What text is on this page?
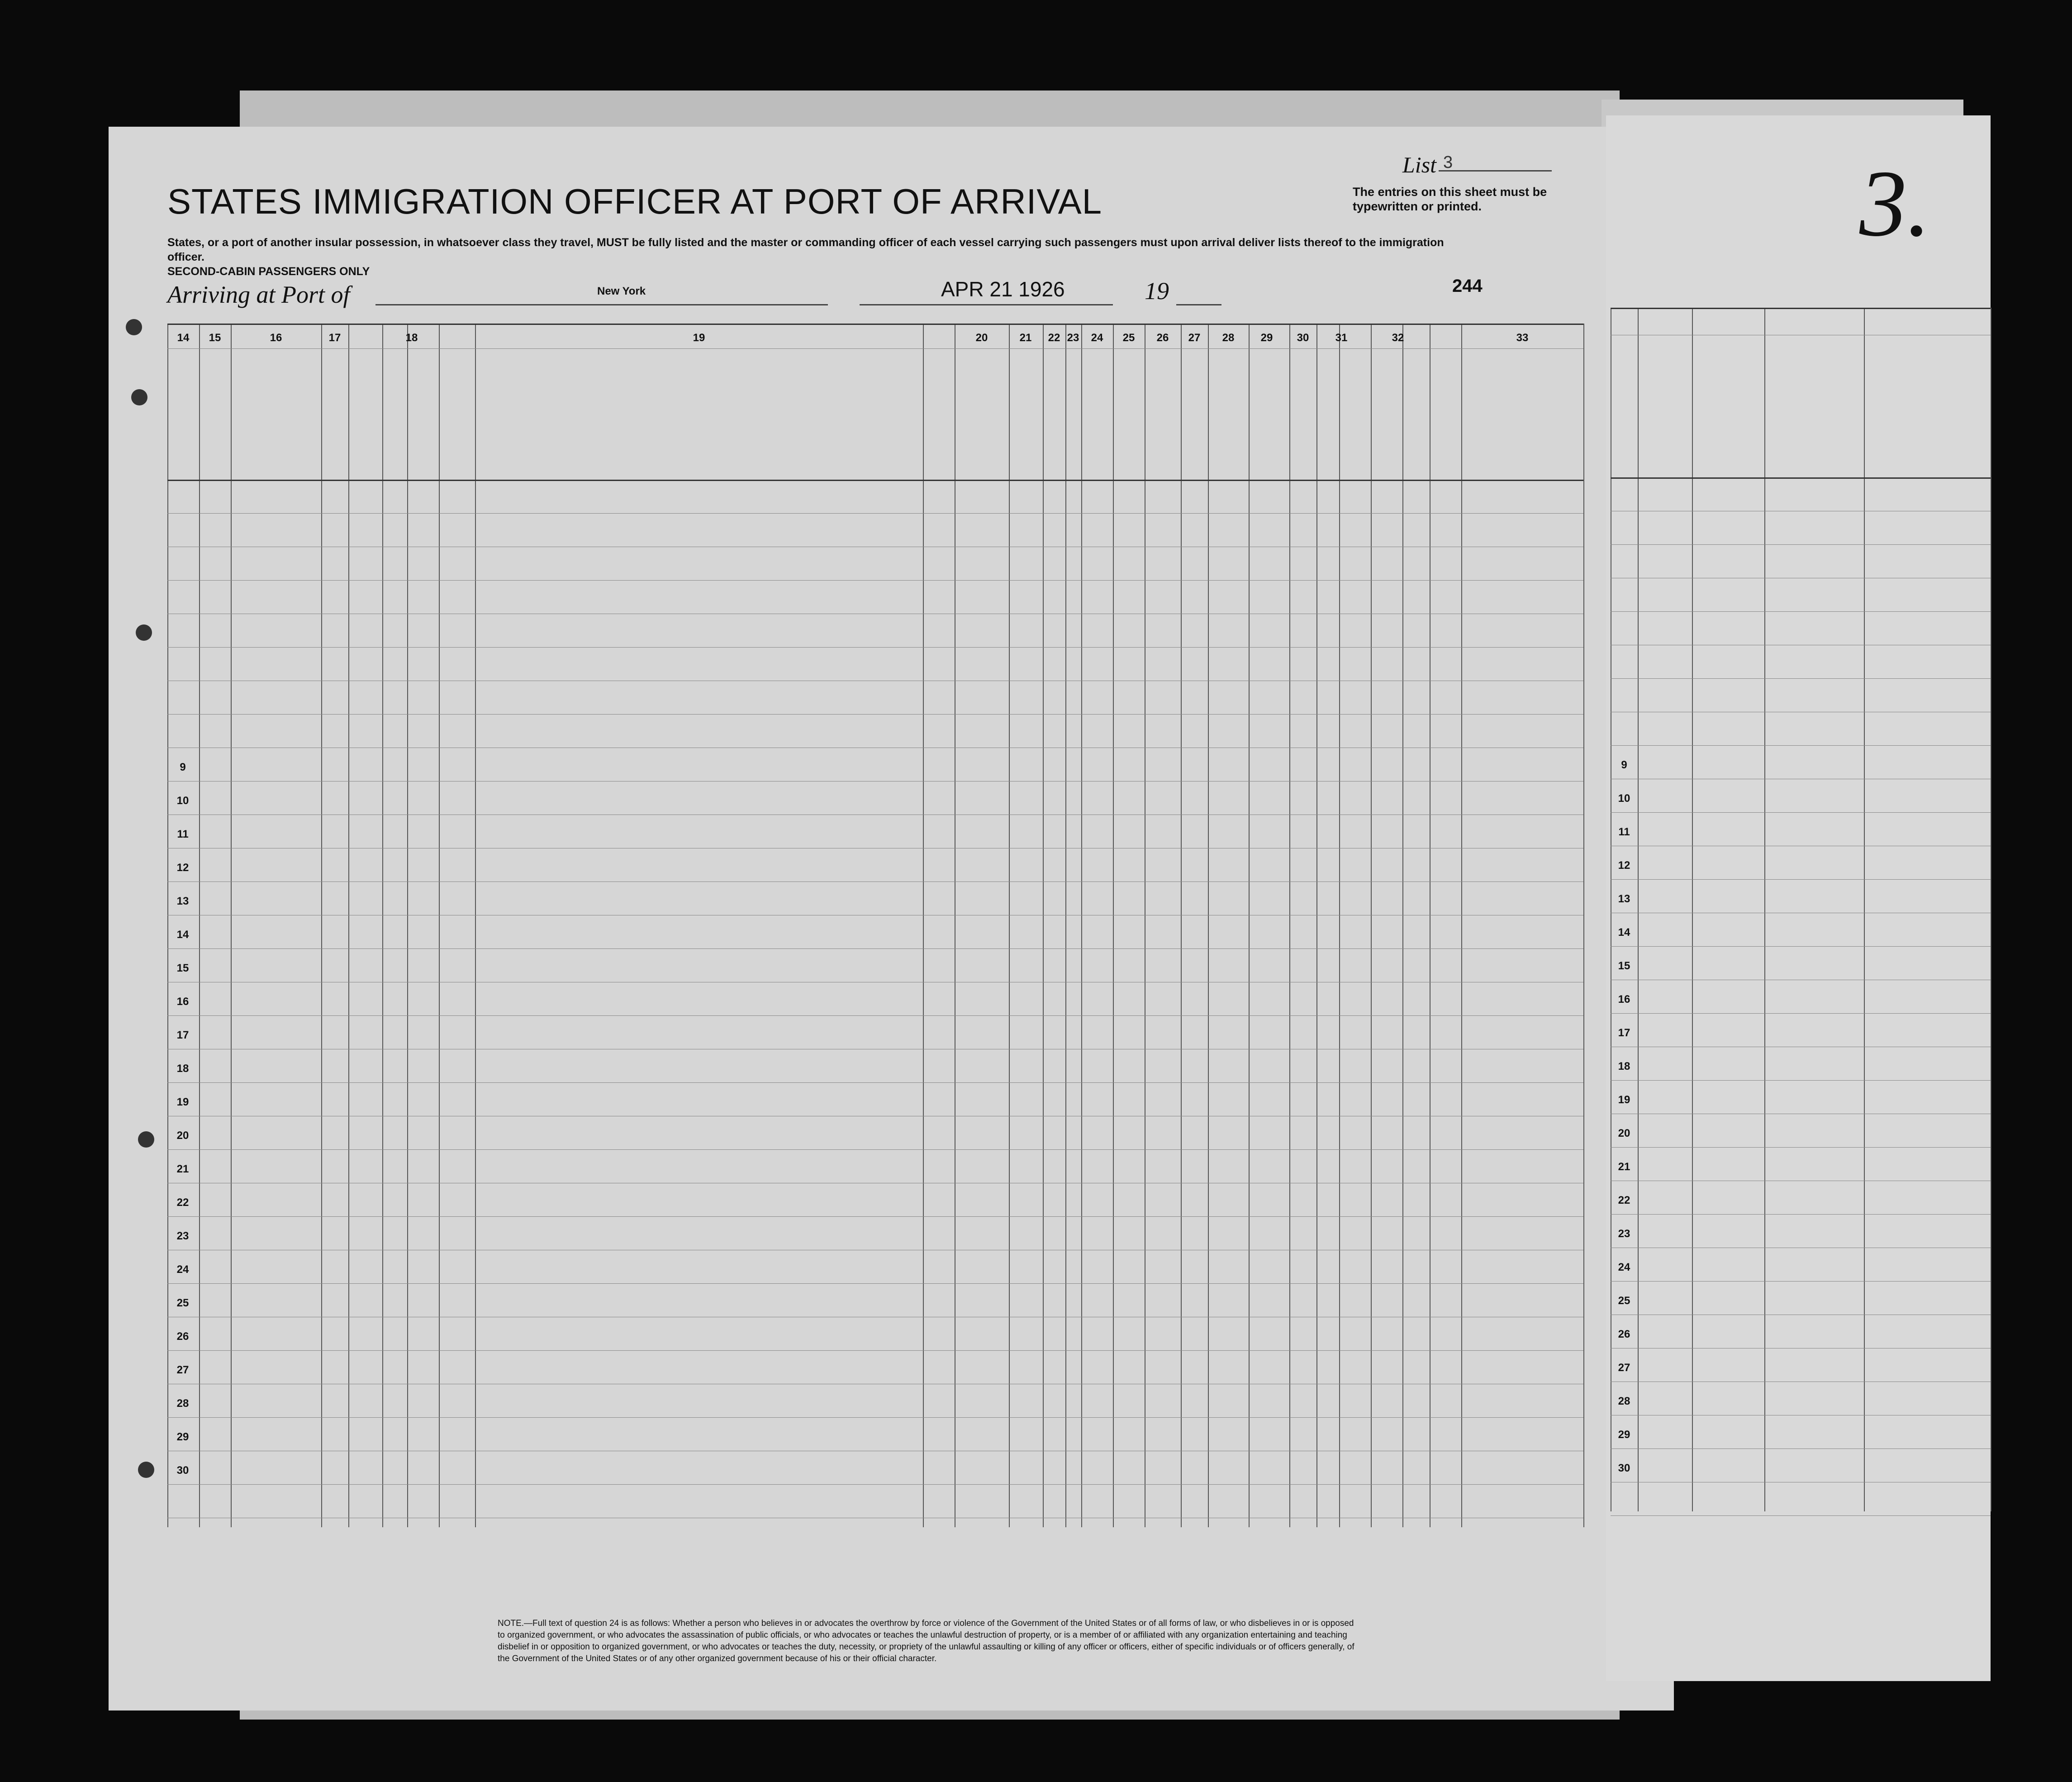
STATES IMMIGRATION OFFICER AT PORT OF ARRIVAL
List 3
The entries on this sheet must be typewritten or printed.	3.
States, or a port of another insular possession, in whatsoever class they travel, MUST be fully listed and the master or commanding officer of each vessel carrying such passengers must upon arrival deliver lists thereof to the immigration officer.
SECOND-CABIN PASSENGERS ONLY
Arriving at Port of	New York	APR 21 1926	19	244
14	15	16	17	18	19	20	21	22 23	24	25	26	27	28	29	30	31	32	33
9
10
11
12
13
14
15
16
17
18
19
20
21
22
23
24
25
26
27
28
29
30
9
10
11
12
13
14
15
16
17
18
19
20
21
22
23
24
25
26
27
28
29
30
NOTE.—Full text of question 24 is as follows: Whether a person who believes in or advocates the overthrow by force or violence of the Government of the United States or of all forms of law, or who disbelieves in or is opposed to organized government, or who advocates the assassination of public officials, or who advocates or teaches the unlawful destruction of property, or is a member of or affiliated with any organization entertaining and teaching disbelief in or opposition to organized government, or who advocates or teaches the duty, necessity, or propriety of the unlawful assaulting or killing of any officer or officers, either of specific individuals or of officers generally, of the Government of the United States or of any other organized government because of his or their official character.
